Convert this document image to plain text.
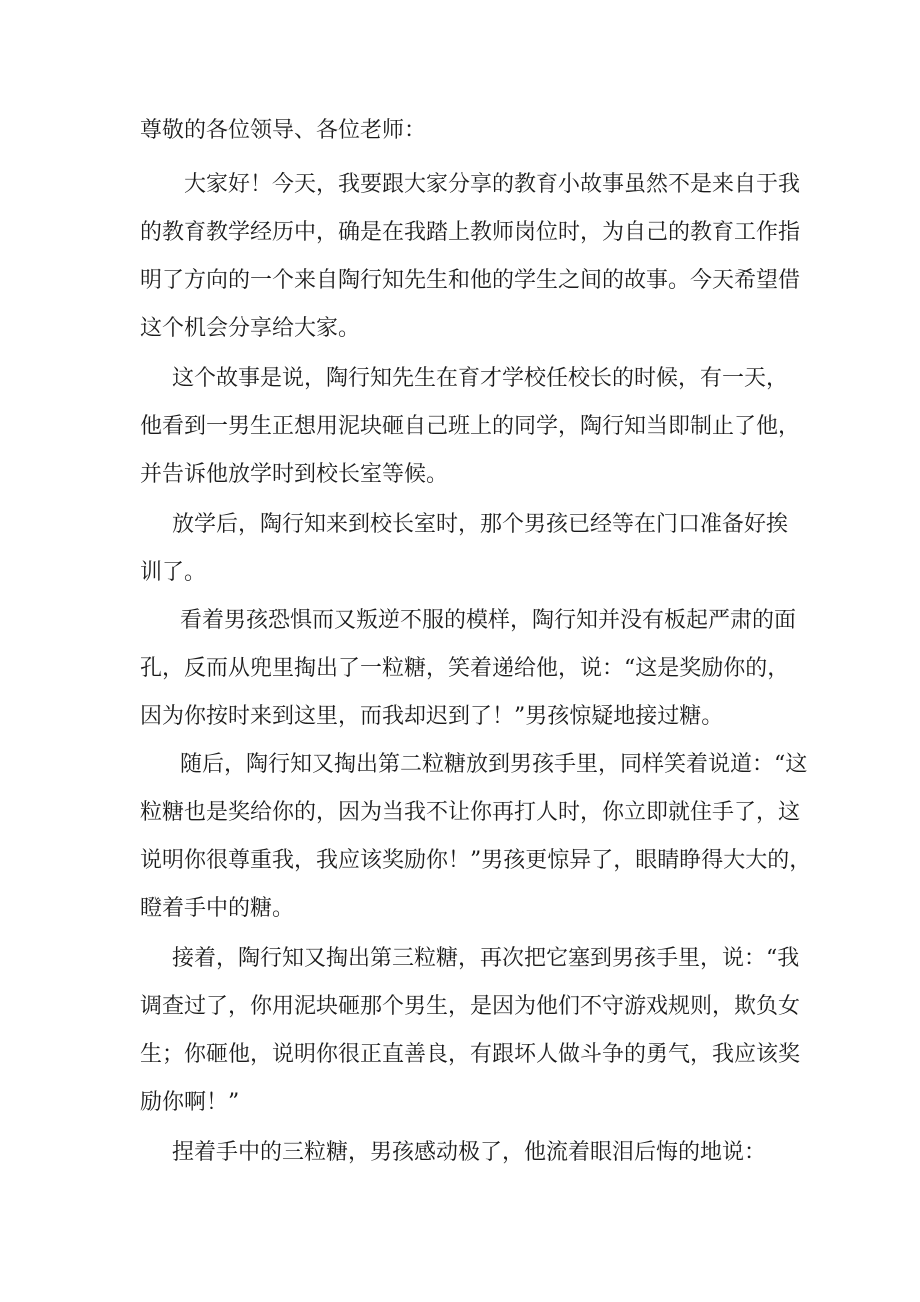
尊敬的各位领导、各位老师：
大家好！今天，我要跟大家分享的教育小故事虽然不是来自于我
的教育教学经历中，确是在我踏上教师岗位时，为自己的教育工作指
明了方向的一个来自陶行知先生和他的学生之间的故事。今天希望借
这个机会分享给大家。
这个故事是说，陶行知先生在育才学校任校长的时候，有一天，
他看到一男生正想用泥块砸自己班上的同学，陶行知当即制止了他，
并告诉他放学时到校长室等候。
放学后，陶行知来到校长室时，那个男孩已经等在门口准备好挨
训了。
看着男孩恐惧而又叛逆不服的模样，陶行知并没有板起严肃的面
孔，反而从兜里掏出了一粒糖，笑着递给他，说：“这是奖励你的，
因为你按时来到这里，而我却迟到了！”男孩惊疑地接过糖。
随后，陶行知又掏出第二粒糖放到男孩手里，同样笑着说道：“这
粒糖也是奖给你的，因为当我不让你再打人时，你立即就住手了，这
说明你很尊重我，我应该奖励你！”男孩更惊异了，眼睛睁得大大的，
瞪着手中的糖。
接着，陶行知又掏出第三粒糖，再次把它塞到男孩手里，说：“我
调查过了，你用泥块砸那个男生，是因为他们不守游戏规则，欺负女
生；你砸他，说明你很正直善良，有跟坏人做斗争的勇气，我应该奖
励你啊！”
捏着手中的三粒糖，男孩感动极了，他流着眼泪后悔的地说：
